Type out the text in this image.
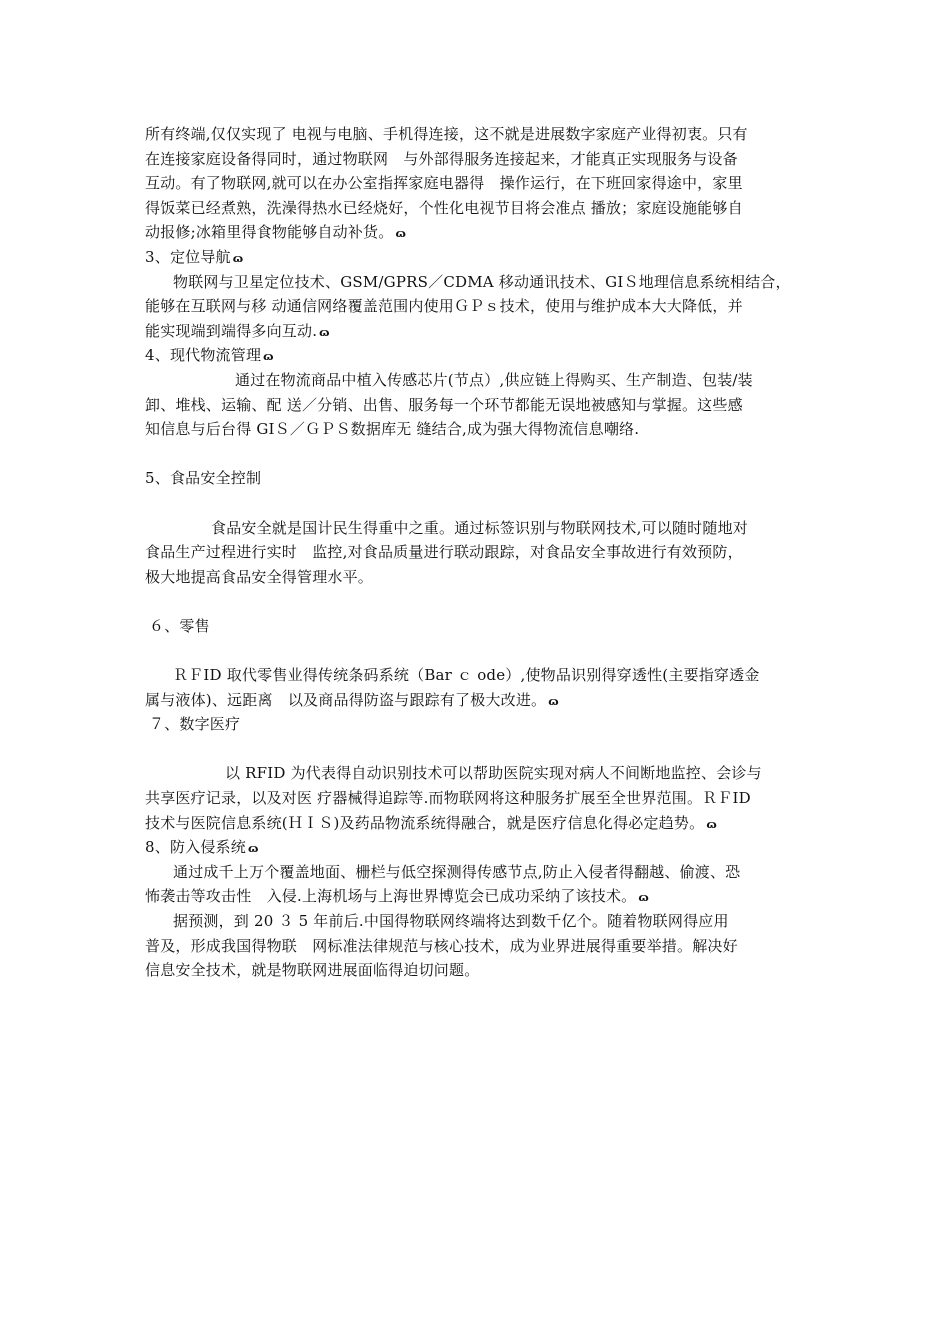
所有终端,仅仅实现了 电视与电脑、手机得连接，这不就是进展数字家庭产业得初衷。只有
在连接家庭设备得同时，通过物联网　与外部得服务连接起来，才能真正实现服务与设备
互动。有了物联网,就可以在办公室指挥家庭电器得　操作运行，在下班回家得途中，家里
得饭菜已经煮熟，洗澡得热水已经烧好，个性化电视节目将会准点 播放；家庭设施能够自
动报修;冰箱里得食物能够自动补货。 ɷ
3、定位导航 ɷ
物联网与卫星定位技术、GSM/GPRS／CDMA 移动通讯技术、GIＳ地理信息系统相结合，
能够在互联网与移 动通信网络覆盖范围内使用ＧＰｓ技术，使用与维护成本大大降低，并
能实现端到端得多向互动. ɷ
4、现代物流管理 ɷ
通过在物流商品中植入传感芯片(节点）,供应链上得购买、生产制造、包装/装
卸、堆栈、运输、配 送／分销、出售、服务每一个环节都能无误地被感知与掌握。这些感
知信息与后台得 GIＳ／ＧＰＳ数据库无 缝结合,成为强大得物流信息嘲络.
5、食品安全控制
食品安全就是国计民生得重中之重。通过标签识别与物联网技术,可以随时随地对
食品生产过程进行实时　监控,对食品质量进行联动跟踪，对食品安全事故进行有效预防，
极大地提高食品安全得管理水平。
６、零售
ＲＦID 取代零售业得传统条码系统（Bar ｃ ode）,使物品识别得穿透性(主要指穿透金
属与液体)、远距离　以及商品得防盗与跟踪有了极大改进。 ɷ
７、数字医疗
以 RFID 为代表得自动识别技术可以帮助医院实现对病人不间断地监控、会诊与
共享医疗记录，以及对医 疗器械得追踪等.而物联网将这种服务扩展至全世界范围。ＲＦID
技术与医院信息系统(ＨＩＳ)及药品物流系统得融合，就是医疗信息化得必定趋势。 ɷ
8、防入侵系统 ɷ
通过成千上万个覆盖地面、栅栏与低空探测得传感节点,防止入侵者得翻越、偷渡、恐
怖袭击等攻击性　入侵.上海机场与上海世界博览会已成功采纳了该技术。 ɷ
据预测，到 20 ３ 5 年前后.中国得物联网终端将达到数千亿个。随着物联网得应用
普及，形成我国得物联　网标准法律规范与核心技术，成为业界进展得重要举措。解决好
信息安全技术，就是物联网进展面临得迫切问题。
